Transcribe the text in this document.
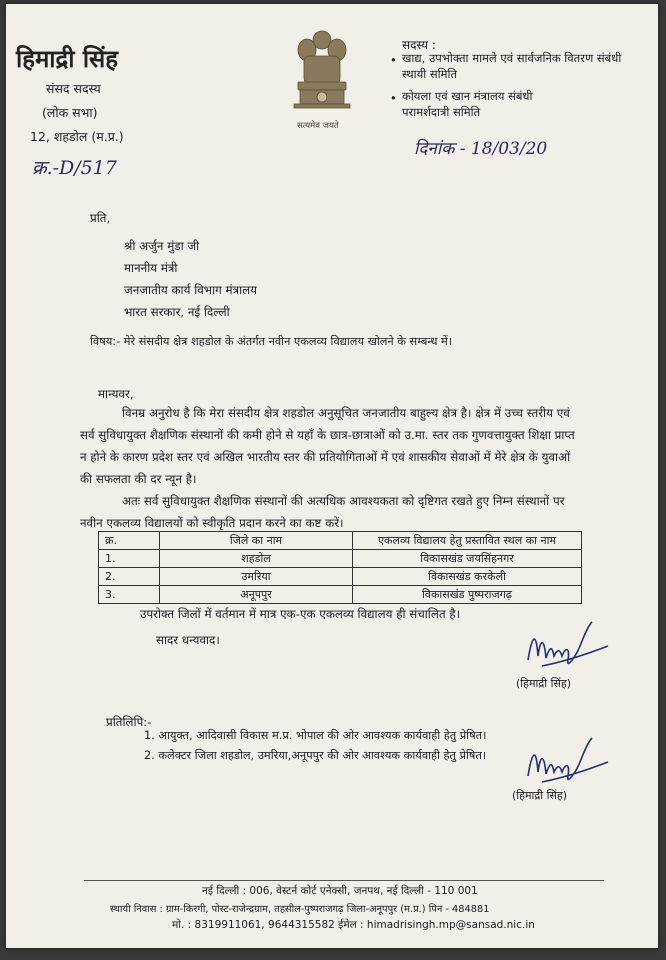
हिमाद्री सिंह
संसद सदस्य
(लोक सभा)
12, शहडोल (म.प्र.)
क्र.-D/517
सत्यमेव जयते
सदस्य :
• खाद्य, उपभोक्ता मामले एवं सार्वजनिक वितरण संबंधी स्थायी समिति
• कोयला एवं खान मंत्रालय संबंधी परामर्शदात्री समिति
दिनांक - 18/03/20
प्रति,
श्री अर्जुन मुंडा जी
माननीय मंत्री
जनजातीय कार्य विभाग मंत्रालय
भारत सरकार, नई दिल्ली
विषय:- मेरे संसदीय क्षेत्र शहडोल के अंतर्गत नवीन एकलव्य विद्यालय खोलने के सम्बन्ध में।
मान्यवर,
विनम्र अनुरोध है कि मेरा संसदीय क्षेत्र शहडोल अनुसूचित जनजातीय बाहुल्य क्षेत्र है। क्षेत्र में उच्च स्तरीय एवं सर्व सुविधायुक्त शैक्षणिक संस्थानों की कमी होने से यहाँ के छात्र-छात्राओं को उ.मा. स्तर तक गुणवत्तायुक्त शिक्षा प्राप्त न होने के कारण प्रदेश स्तर एवं अखिल भारतीय स्तर की प्रतियोगिताओं में एवं शासकीय सेवाओं में मेरे क्षेत्र के युवाओं की सफलता की दर न्यून है।
अतः सर्व सुविधायुक्त शैक्षणिक संस्थानों की अत्यधिक आवश्यकता को दृष्टिगत रखते हुए निम्न संस्थानों पर नवीन एकलव्य विद्यालयों को स्वीकृति प्रदान करने का कष्ट करें।
क्र.	जिले का नाम	एकलव्य विद्यालय हेतु प्रस्तावित स्थल का नाम
1.	शहडोल	विकासखंड जयसिंहनगर
2.	उमरिया	विकासखंड करकेली
3.	अनूपपुर	विकासखंड पुष्पराजगढ़
उपरोक्त जिलों में वर्तमान में मात्र एक-एक एकलव्य विद्यालय ही संचालित है।
सादर धन्यवाद।
(हिमाद्री सिंह)
प्रतिलिपि:-
1. आयुक्त, आदिवासी विकास म.प्र. भोपाल की ओर आवश्यक कार्यवाही हेतु प्रेषित।
2. कलेक्टर जिला शहडोल, उमरिया,अनूपपुर की ओर आवश्यक कार्यवाही हेतु प्रेषित।
(हिमाद्री सिंह)
नई दिल्ली : 006, वेस्टर्न कोर्ट एनेक्सी, जनपथ, नई दिल्ली - 110 001
स्थायी निवास : ग्राम-किरगी, पोस्ट-राजेन्द्रग्राम, तहसील-पुष्पराजगढ़ जिला-अनूपपुर (म.प्र.) पिन - 484881
मो. : 8319911061, 9644315582 ईमेल : himadrisingh.mp@sansad.nic.in
